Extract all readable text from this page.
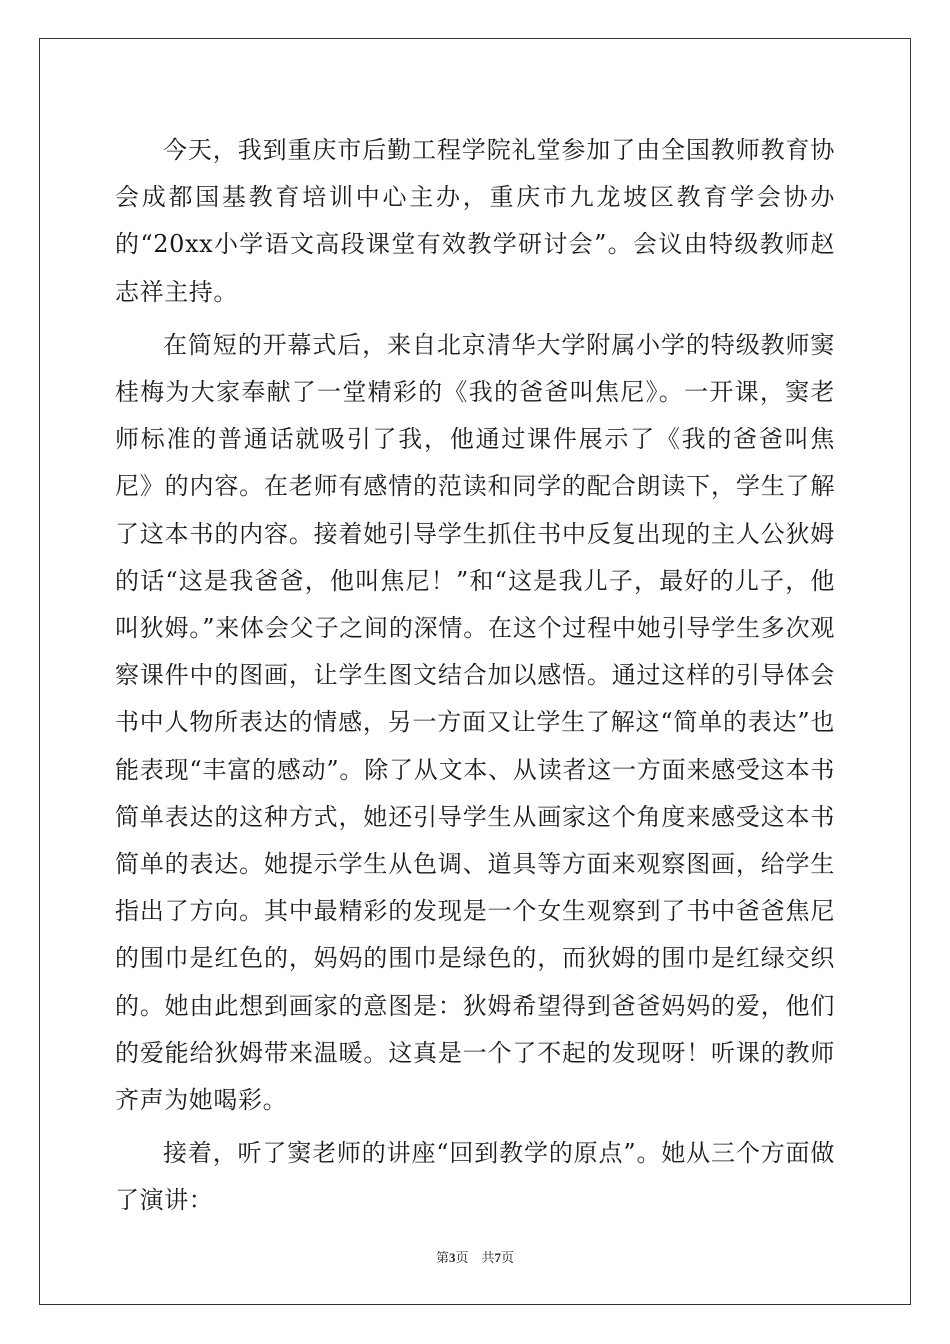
今天，我到重庆市后勤工程学院礼堂参加了由全国教师教育协会成都国基教育培训中心主办，重庆市九龙坡区教育学会协办的“20xx小学语文高段课堂有效教学研讨会”。会议由特级教师赵志祥主持。

在简短的开幕式后，来自北京清华大学附属小学的特级教师窦桂梅为大家奉献了一堂精彩的《我的爸爸叫焦尼》。一开课，窦老师标准的普通话就吸引了我，他通过课件展示了《我的爸爸叫焦尼》的内容。在老师有感情的范读和同学的配合朗读下，学生了解了这本书的内容。接着她引导学生抓住书中反复出现的主人公狄姆的话“这是我爸爸，他叫焦尼！”和“这是我儿子，最好的儿子，他叫狄姆。”来体会父子之间的深情。在这个过程中她引导学生多次观察课件中的图画，让学生图文结合加以感悟。通过这样的引导体会书中人物所表达的情感，另一方面又让学生了解这“简单的表达”也能表现“丰富的感动”。除了从文本、从读者这一方面来感受这本书简单表达的这种方式，她还引导学生从画家这个角度来感受这本书简单的表达。她提示学生从色调、道具等方面来观察图画，给学生指出了方向。其中最精彩的发现是一个女生观察到了书中爸爸焦尼的围巾是红色的，妈妈的围巾是绿色的，而狄姆的围巾是红绿交织的。她由此想到画家的意图是：狄姆希望得到爸爸妈妈的爱，他们的爱能给狄姆带来温暖。这真是一个了不起的发现呀！听课的教师齐声为她喝彩。

接着，听了窦老师的讲座“回到教学的原点”。她从三个方面做了演讲：

第3页　共7页
